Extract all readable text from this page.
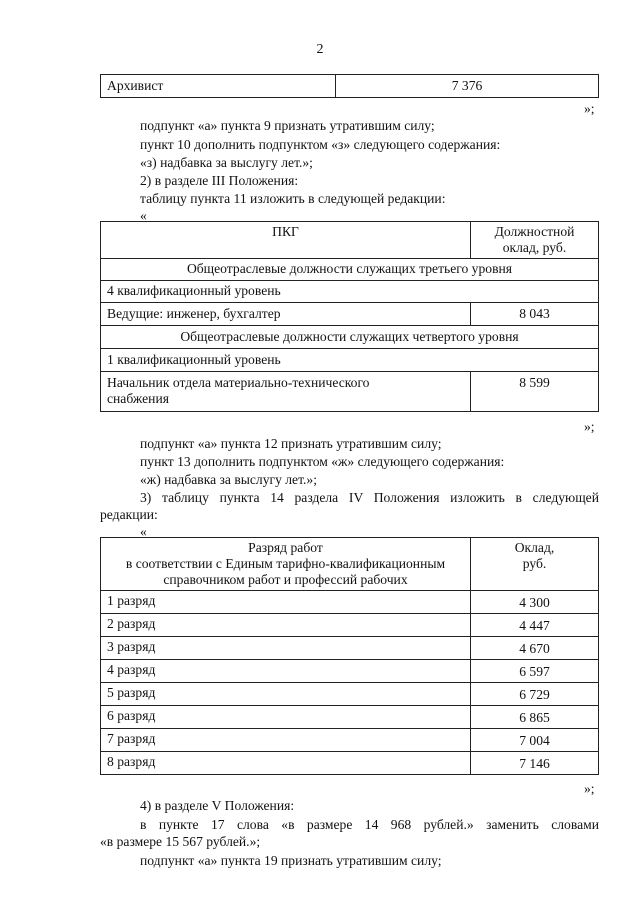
2
Архивист	7 376
»;
подпункт «а» пункта 9 признать утратившим силу;
пункт 10 дополнить подпунктом «з» следующего содержания:
«з) надбавка за выслугу лет.»;
2) в разделе III Положения:
таблицу пункта 11 изложить в следующей редакции:
«
ПКГ	Должностной
оклад, руб.
Общеотраслевые должности служащих третьего уровня	
4 квалификационный уровень	
Ведущие: инженер, бухгалтер	8 043
Общеотраслевые должности служащих четвертого уровня	
1 квалификационный уровень	
Начальник отдела материально-технического
снабжения	8 599
»;
подпункт «а» пункта 12 признать утратившим силу;
пункт 13 дополнить подпунктом «ж» следующего содержания:
«ж) надбавка за выслугу лет.»;
3) таблицу пункта 14 раздела IV Положения изложить в следующей
редакции:
«
Разряд работ
в соответствии с Единым тарифно-квалификационным
справочником работ и профессий рабочих	Оклад,
руб.
1 разряд	4 300
2 разряд	4 447
3 разряд	4 670
4 разряд	6 597
5 разряд	6 729
6 разряд	6 865
7 разряд	7 004
8 разряд	7 146
»;
4) в разделе V Положения:
в пункте 17 слова «в размере 14 968 рублей.» заменить словами
«в размере 15 567 рублей.»;
подпункт «а» пункта 19 признать утратившим силу;
